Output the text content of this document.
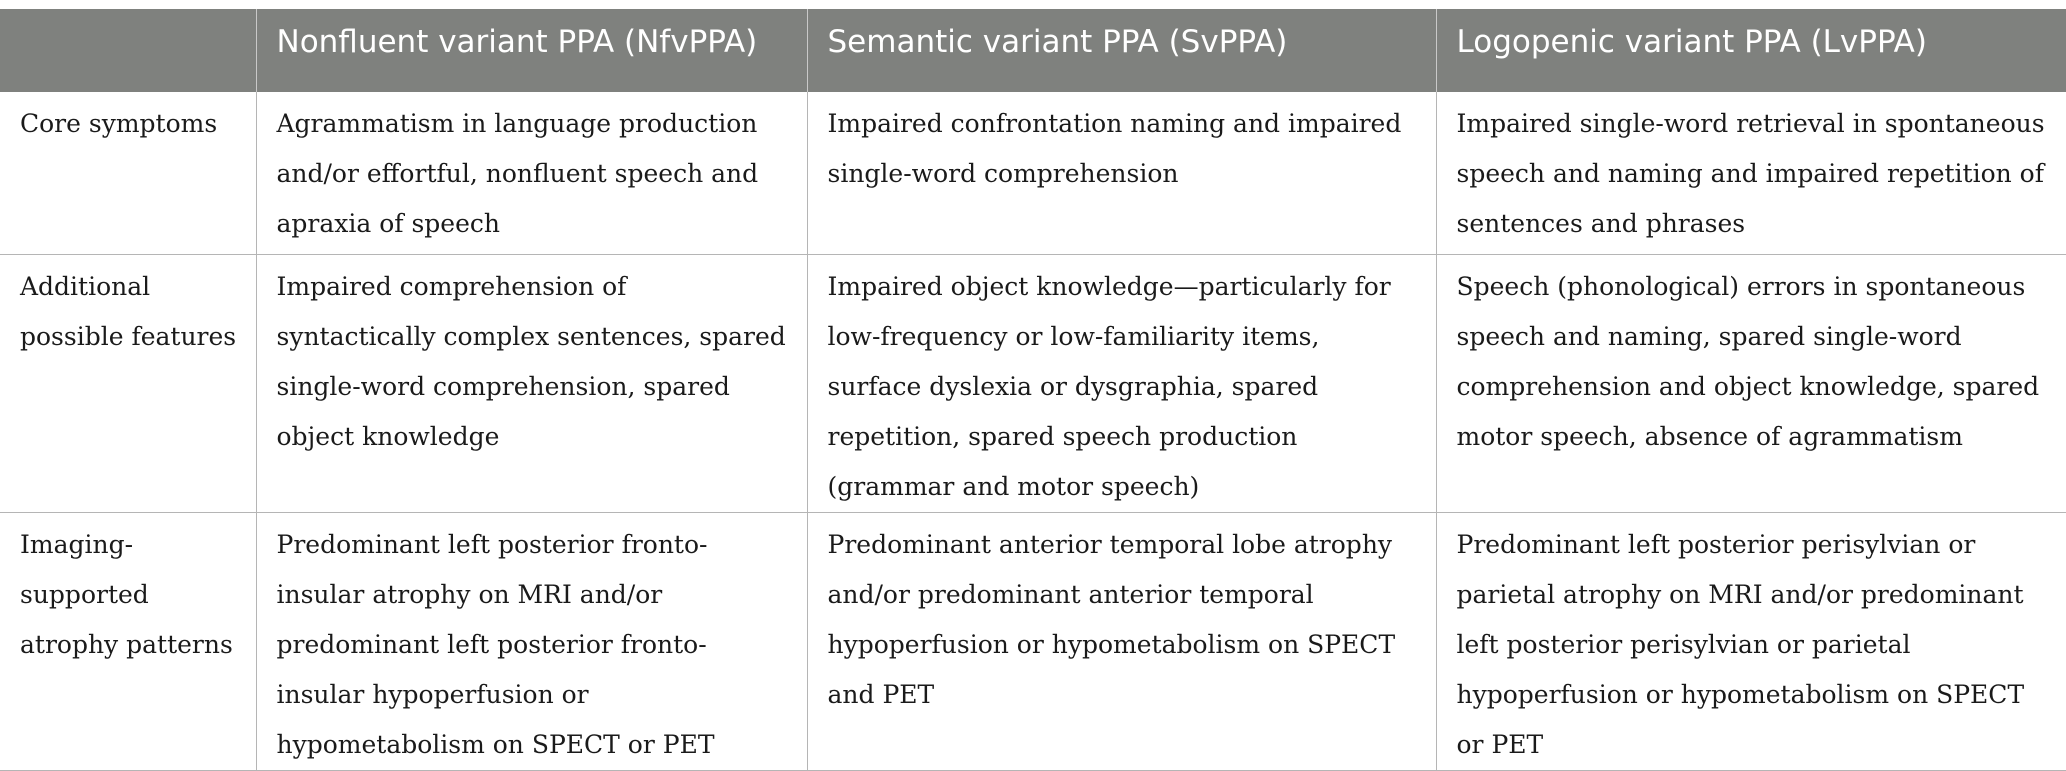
	Nonfluent variant PPA (NfvPPA)	Semantic variant PPA (SvPPA)	Logopenic variant PPA (LvPPA)
Core symptoms	Agrammatism in language production and/or effortful, nonfluent speech and apraxia of speech	Impaired confrontation naming and impaired single-word comprehension	Impaired single-word retrieval in spontaneous speech and naming and impaired repetition of sentences and phrases
Additional possible features	Impaired comprehension of syntactically complex sentences, spared single-word comprehension, spared object knowledge	Impaired object knowledge—particularly for low-frequency or low-familiarity items, surface dyslexia or dysgraphia, spared repetition, spared speech production (grammar and motor speech)	Speech (phonological) errors in spontaneous speech and naming, spared single-word comprehension and object knowledge, spared motor speech, absence of agrammatism
Imaging-supported atrophy patterns	Predominant left posterior fronto-insular atrophy on MRI and/or predominant left posterior fronto-insular hypoperfusion or hypometabolism on SPECT or PET	Predominant anterior temporal lobe atrophy and/or predominant anterior temporal hypoperfusion or hypometabolism on SPECT and PET	Predominant left posterior perisylvian or parietal atrophy on MRI and/or predominant left posterior perisylvian or parietal hypoperfusion or hypometabolism on SPECT or PET
